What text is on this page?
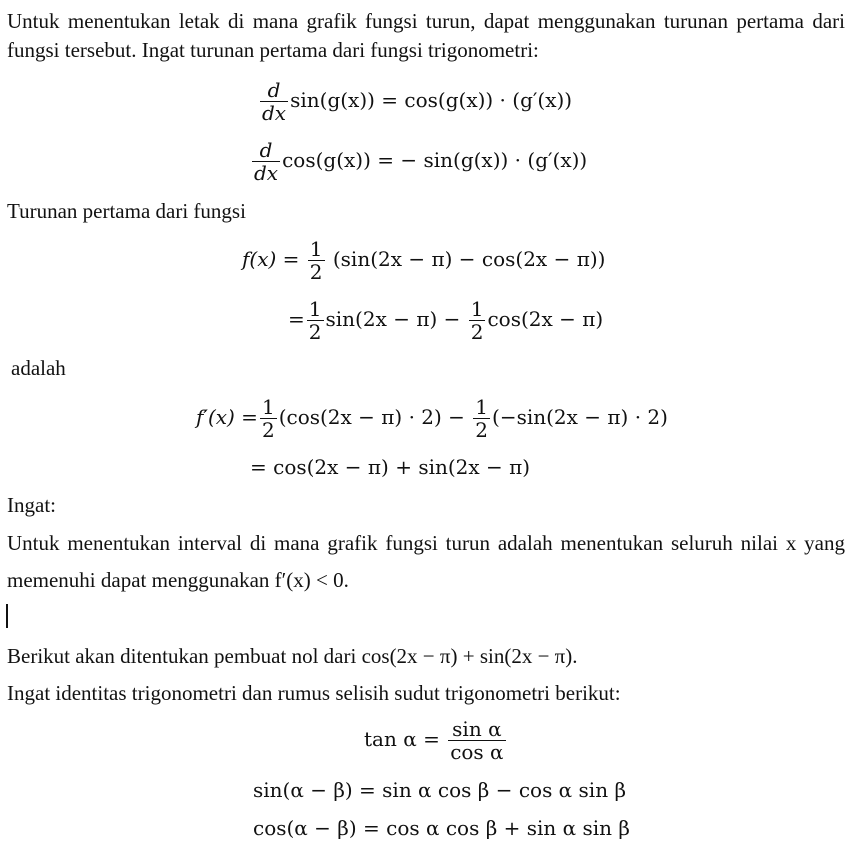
Untuk menentukan letak di mana grafik fungsi turun, dapat menggunakan turunan pertama dari
fungsi tersebut. Ingat turunan pertama dari fungsi trigonometri:
$\frac{d}{dx} \sin(g(x)) = \cos(g(x)) \cdot (g'(x))$
$\frac{d}{dx} \cos(g(x))$ = − sin(g(x)) · (g′(x))
Turunan pertama dari fungsi
$f(x) = \frac{1}{2} (\sin(2x - \pi) - \cos(2x - \pi))$
= $\frac{1}{2} \sin(2x - \pi) - \frac{1}{2} \cos(2x - \pi)$
adalah
$f'(x) = \frac{1}{2} (\cos(2x - \pi) \cdot 2) - \frac{1}{2} (-\sin(2x - \pi) \cdot 2)$
= cos(2x − π) + sin(2x − π)
Ingat:
Untuk menentukan interval di mana grafik fungsi turun adalah menentukan seluruh nilai x yang
memenuhi dapat menggunakan f′(x) < 0.
Berikut akan ditentukan pembuat nol dari cos(2x − π) + sin(2x − π).
Ingat identitas trigonometri dan rumus selisih sudut trigonometri berikut:
$\tan \alpha = \frac{\text{sin α}}{\text{cos α}}$
sin(α − β) = sin α cos β − cos α sin β
cos(α − β) = cos α cos β + sin α sin β
